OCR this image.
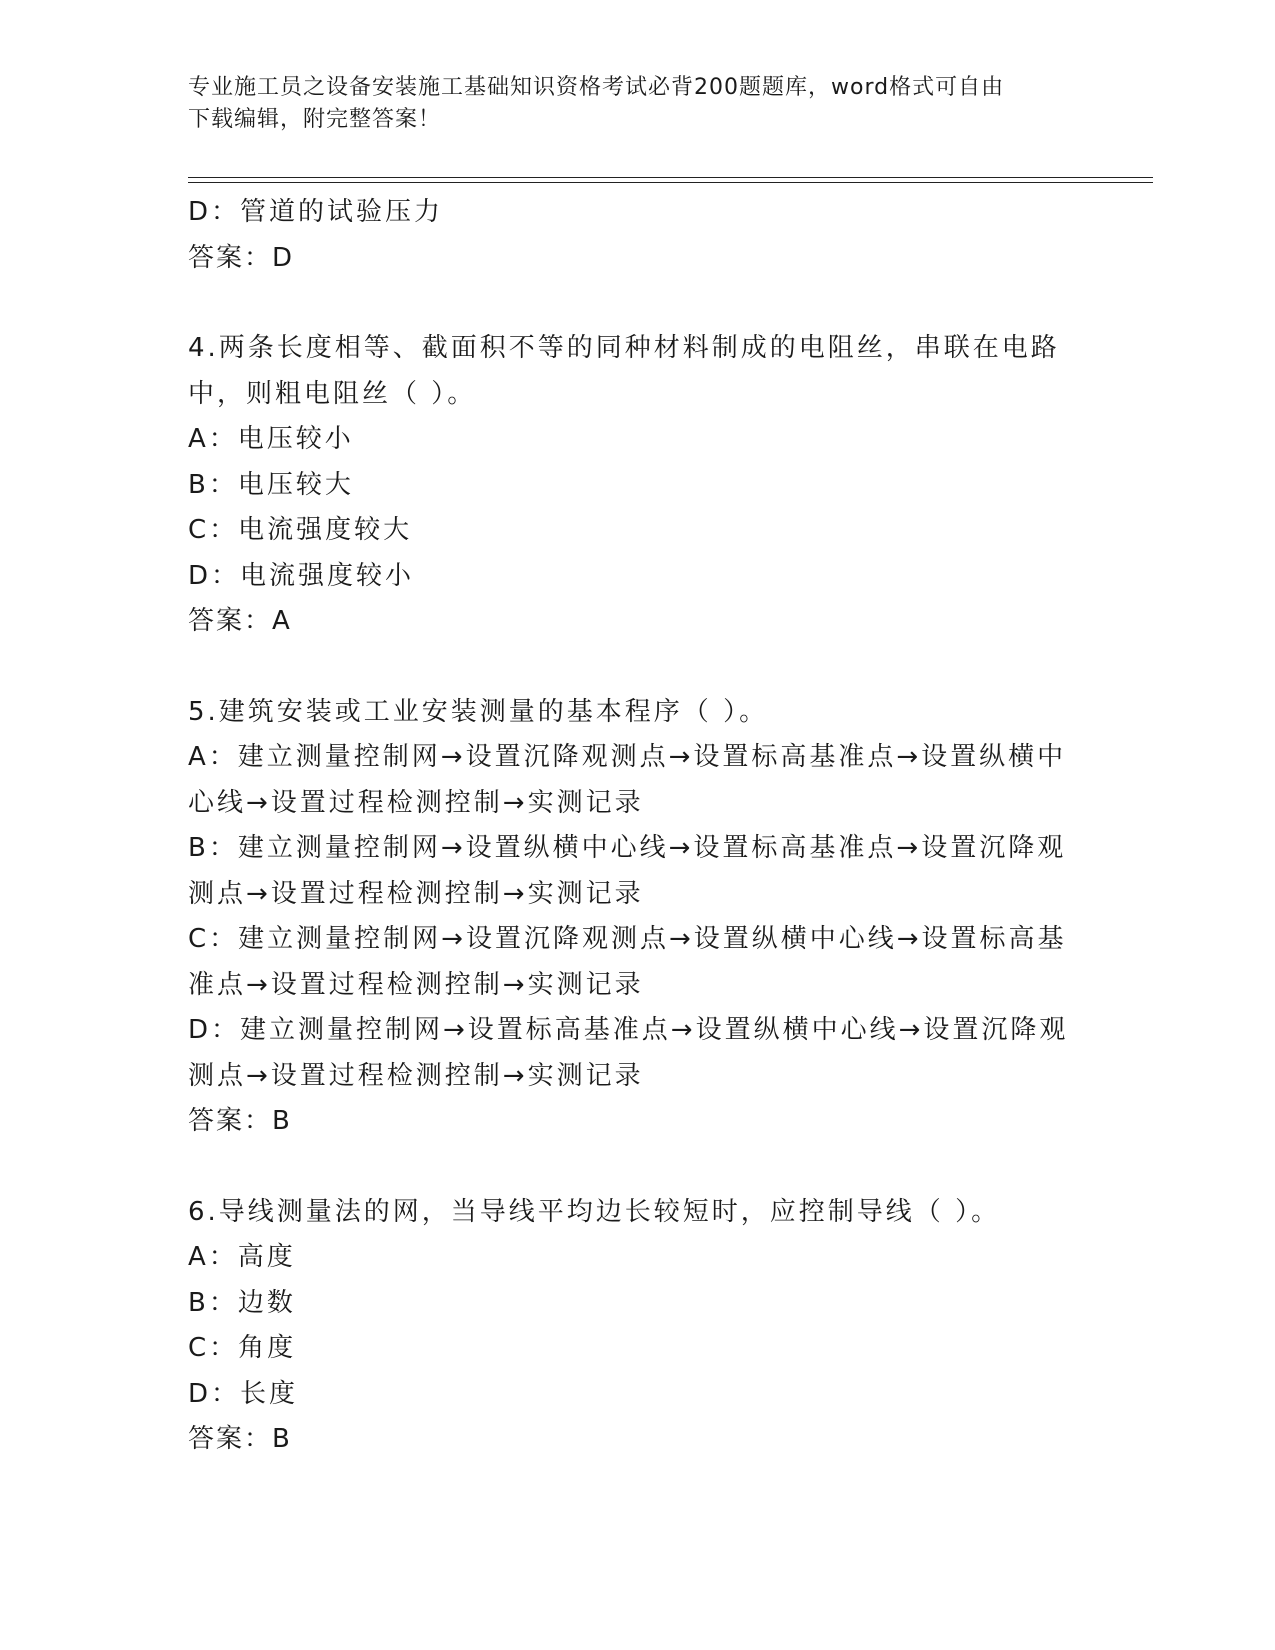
专业施工员之设备安装施工基础知识资格考试必背200题题库，word格式可自由
下载编辑，附完整答案！
D：管道的试验压力
答案：D
4.两条长度相等、截面积不等的同种材料制成的电阻丝，串联在电路
中，则粗电阻丝（ ）。
A：电压较小
B：电压较大
C：电流强度较大
D：电流强度较小
答案：A
5.建筑安装或工业安装测量的基本程序（ ）。
A：建立测量控制网→设置沉降观测点→设置标高基准点→设置纵横中
心线→设置过程检测控制→实测记录
B：建立测量控制网→设置纵横中心线→设置标高基准点→设置沉降观
测点→设置过程检测控制→实测记录
C：建立测量控制网→设置沉降观测点→设置纵横中心线→设置标高基
准点→设置过程检测控制→实测记录
D：建立测量控制网→设置标高基准点→设置纵横中心线→设置沉降观
测点→设置过程检测控制→实测记录
答案：B
6.导线测量法的网，当导线平均边长较短时，应控制导线（ ）。
A：高度
B：边数
C：角度
D：长度
答案：B
